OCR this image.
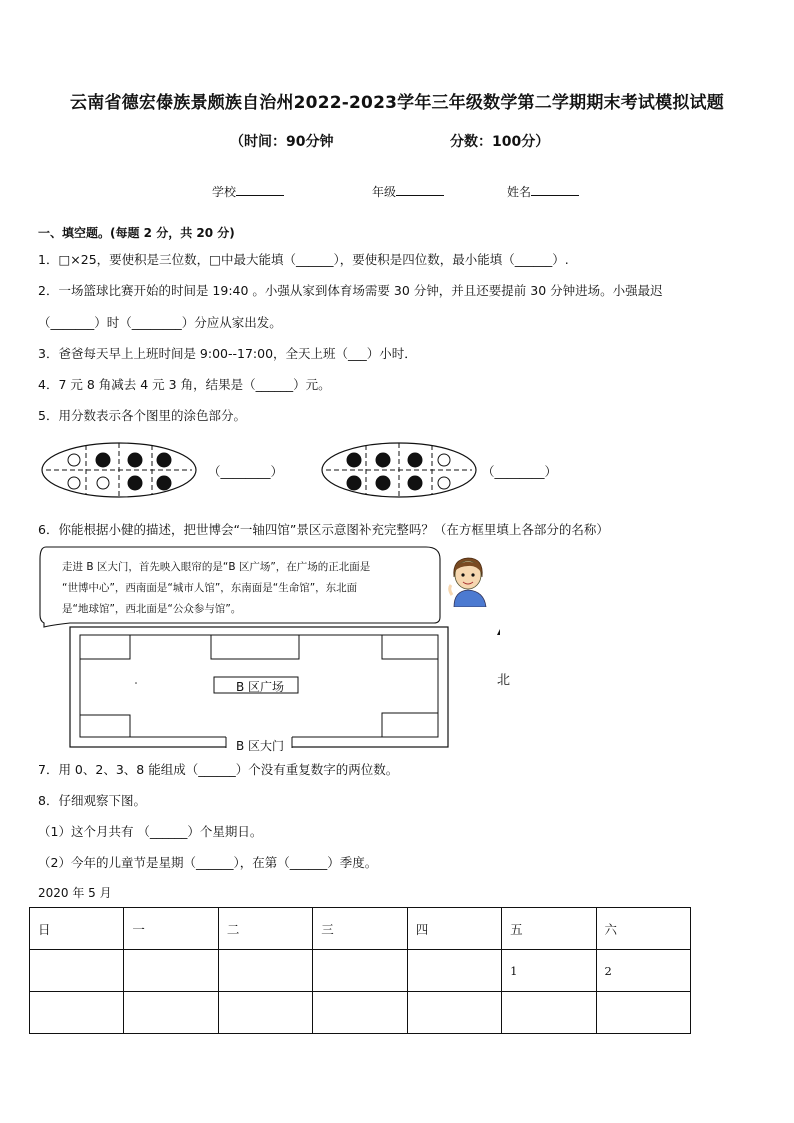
云南省德宏傣族景颇族自治州2022-2023学年三年级数学第二学期期末考试模拟试题
（时间：90分钟	分数：100分）
学校	年级	姓名
一、填空题。(每题 2 分，共 20 分)
1．□×25，要使积是三位数，□中最大能填（______），要使积是四位数，最小能填（______）.
2．一场篮球比赛开始的时间是 19:40 。小强从家到体育场需要 30 分钟，并且还要提前 30 分钟进场。小强最迟
（_______）时（________）分应从家出发。
3．爸爸每天早上上班时间是 9:00--17:00，全天上班（___）小时．
4．7 元 8 角减去 4 元 3 角，结果是（______）元。
5．用分数表示各个图里的涂色部分。
（________）	（________）
6．你能根据小健的描述，把世博会“一轴四馆”景区示意图补充完整吗？（在方框里填上各部分的名称）
走进 B 区大门，首先映入眼帘的是“B 区广场”，在广场的正北面是
“世博中心”，西南面是“城市人馆”，东南面是“生命馆”，东北面
是“地球馆”，西北面是“公众参与馆”。
B 区广场
B 区大门
北
7．用 0、2、3、8 能组成（______）个没有重复数字的两位数。
8．仔细观察下图。
（1）这个月共有 （______）个星期日。
（2）今年的儿童节是星期（______），在第（______）季度。
2020 年 5 月
日	一	二	三	四	五	六
					1	2
